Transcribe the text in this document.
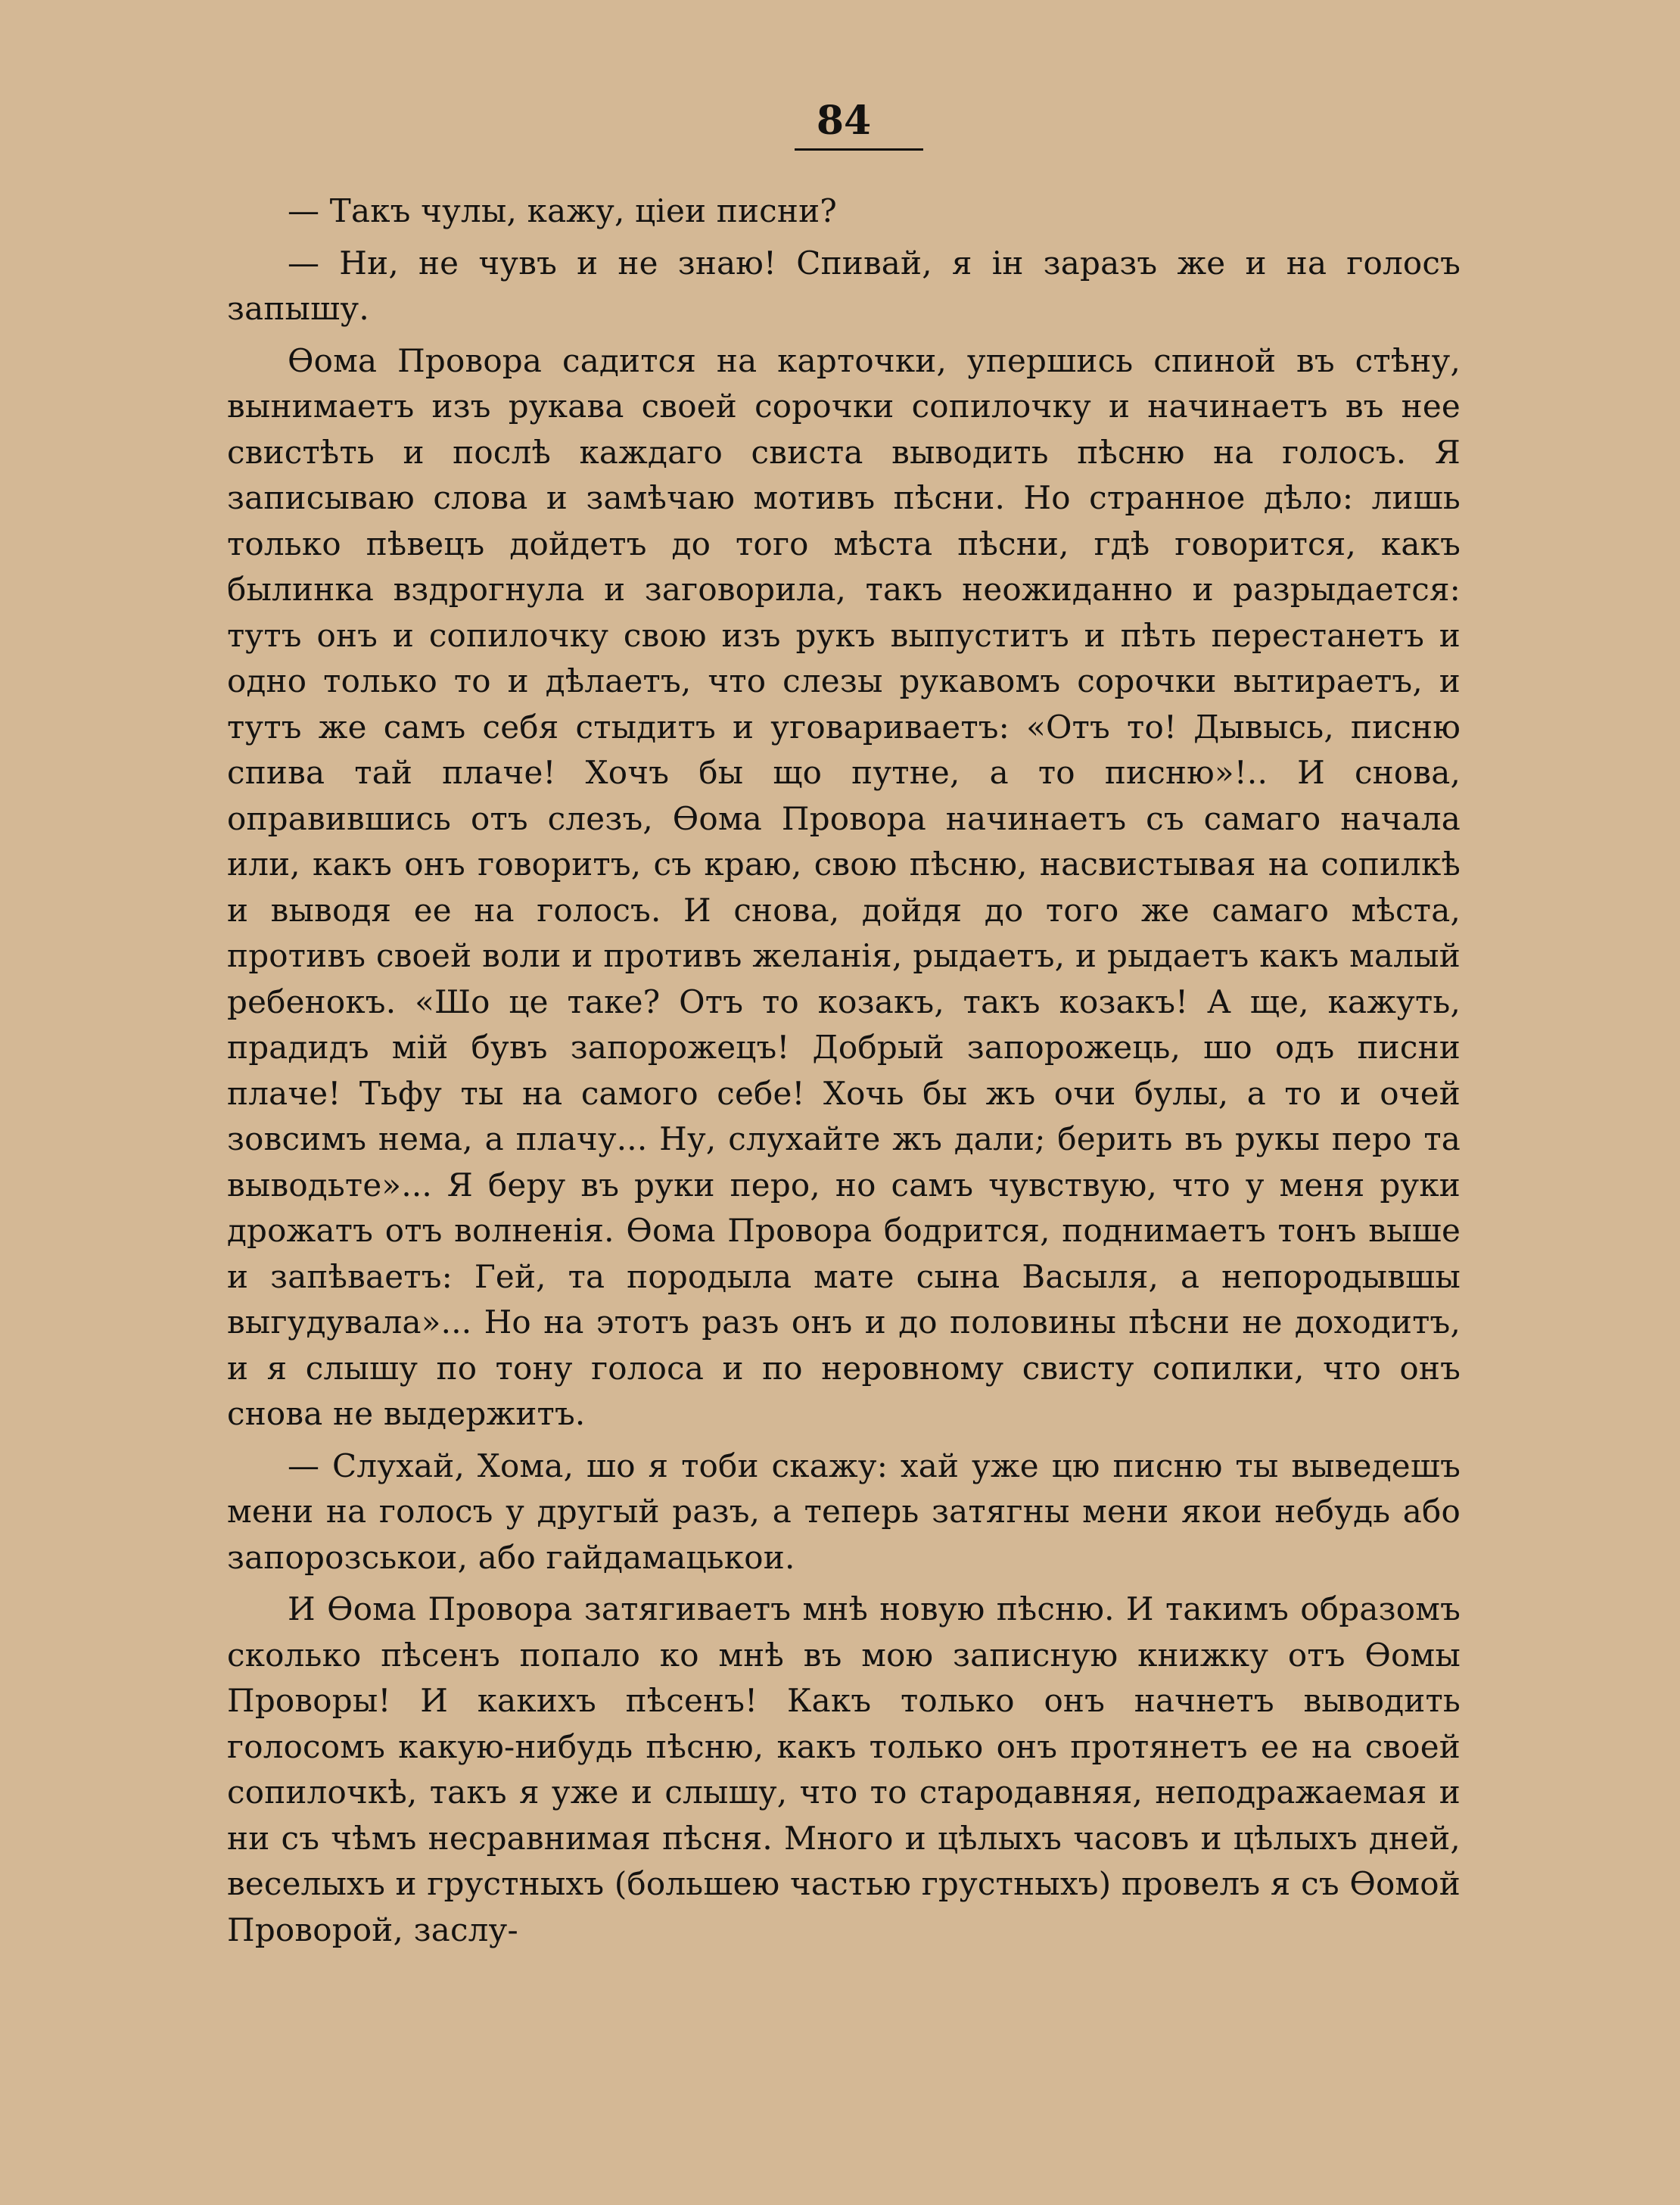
84

— Такъ чулы, кажу, ціеи писни?

— Ни, не чувъ и не знаю! Спивай, я ін заразъ же и на голосъ запышу.

Ѳома Провора садится на карточки, упершись спиной въ стѣну, вынимаетъ изъ рукава своей сорочки сопилочку и начинаетъ въ нее свистѣть и послѣ каждаго свиста выводить пѣсню на голосъ. Я записываю слова и замѣчаю мотивъ пѣсни. Но странное дѣло: лишь только пѣвецъ дойдетъ до того мѣста пѣсни, гдѣ говорится, какъ былинка вздрогнула и заговорила, такъ неожиданно и разрыдается: тутъ онъ и сопилочку свою изъ рукъ выпуститъ и пѣть перестанетъ и одно только то и дѣлаетъ, что слезы рукавомъ сорочки вытираетъ, и тутъ же самъ себя стыдитъ и уговариваетъ: «Отъ то! Дывысь, писню спива тай плаче! Хочъ бы що путне, а то писню»!.. И снова, оправившись отъ слезъ, Ѳома Провора начинаетъ съ самаго начала или, какъ онъ говоритъ, съ краю, свою пѣсню, насвистывая на сопилкѣ и выводя ее на голосъ. И снова, дойдя до того же самаго мѣста, противъ своей воли и противъ желанія, рыдаетъ, и рыдаетъ какъ малый ребенокъ. «Шо це таке? Отъ то козакъ, такъ козакъ! А ще, кажуть, прадидъ мій бувъ запорожецъ! Добрый запорожець, шо одъ писни плаче! Тьфу ты на самого себе! Хочь бы жъ очи булы, а то и очей зовсимъ нема, а плачу... Ну, слухайте жъ дали; берить въ рукы перо та выводьте»... Я беру въ руки перо, но самъ чувствую, что у меня руки дрожатъ отъ волненія. Ѳома Провора бодрится, поднимаетъ тонъ выше и запѣваетъ: Гей, та породыла мате сына Васыля, а непородывшы выгудувала»... Но на этотъ разъ онъ и до половины пѣсни не доходитъ, и я слышу по тону голоса и по неровному свисту сопилки, что онъ снова не выдержитъ.

— Слухай, Хома, шо я тоби скажу: хай уже цю писню ты выведешъ мени на голосъ у другый разъ, а теперь затягны мени якои небудь або запорозськои, або гайдамацькои.

И Ѳома Провора затягиваетъ мнѣ новую пѣсню. И такимъ образомъ сколько пѣсенъ попало ко мнѣ въ мою записную книжку отъ Ѳомы Проворы! И какихъ пѣсенъ! Какъ только онъ начнетъ выводить голосомъ какую-нибудь пѣсню, какъ только онъ протянетъ ее на своей сопилочкѣ, такъ я уже и слышу, что то стародавняя, неподражаемая и ни съ чѣмъ несравнимая пѣсня. Много и цѣлыхъ часовъ и цѣлыхъ дней, веселыхъ и грустныхъ (большею частью грустныхъ) провелъ я съ Ѳомой Проворой, заслу-
